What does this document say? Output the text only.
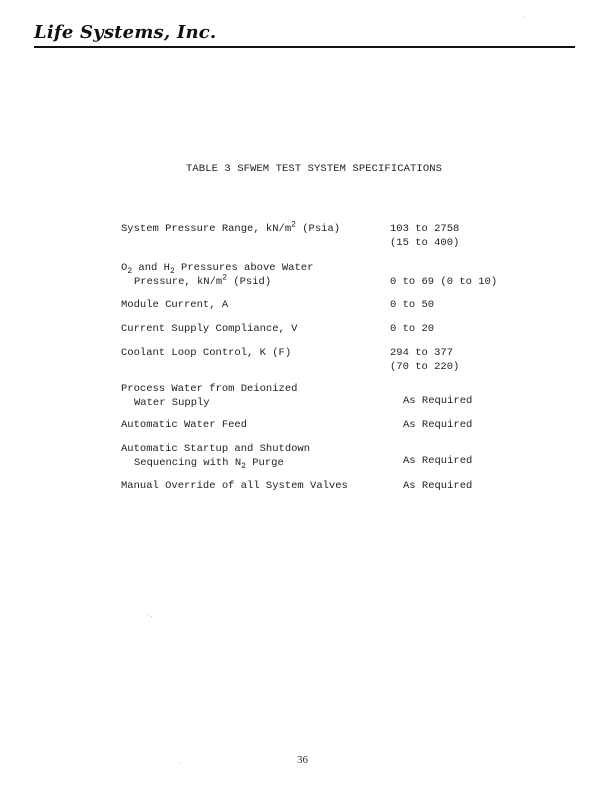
Life Systems, Inc.
TABLE 3 SFWEM TEST SYSTEM SPECIFICATIONS
System Pressure Range, $kN/m^2$ (Psia)	103 to 2758
(15 to 400)
$O_2$ and $H_2$ Pressures above Water
Pressure, $kN/m^2$ (Psid)	0 to 69 (0 to 10)
Module Current, A	0 to 50
Current Supply Compliance, V	0 to 20
Coolant Loop Control, K (F)	294 to 377
(70 to 220)
Process Water from Deionized
Water Supply	As Required
Automatic Water Feed	As Required
Automatic Startup and Shutdown
Sequencing with $N_2$ Purge	As Required
Manual Override of all System Valves	As Required
·.
·
·	36
